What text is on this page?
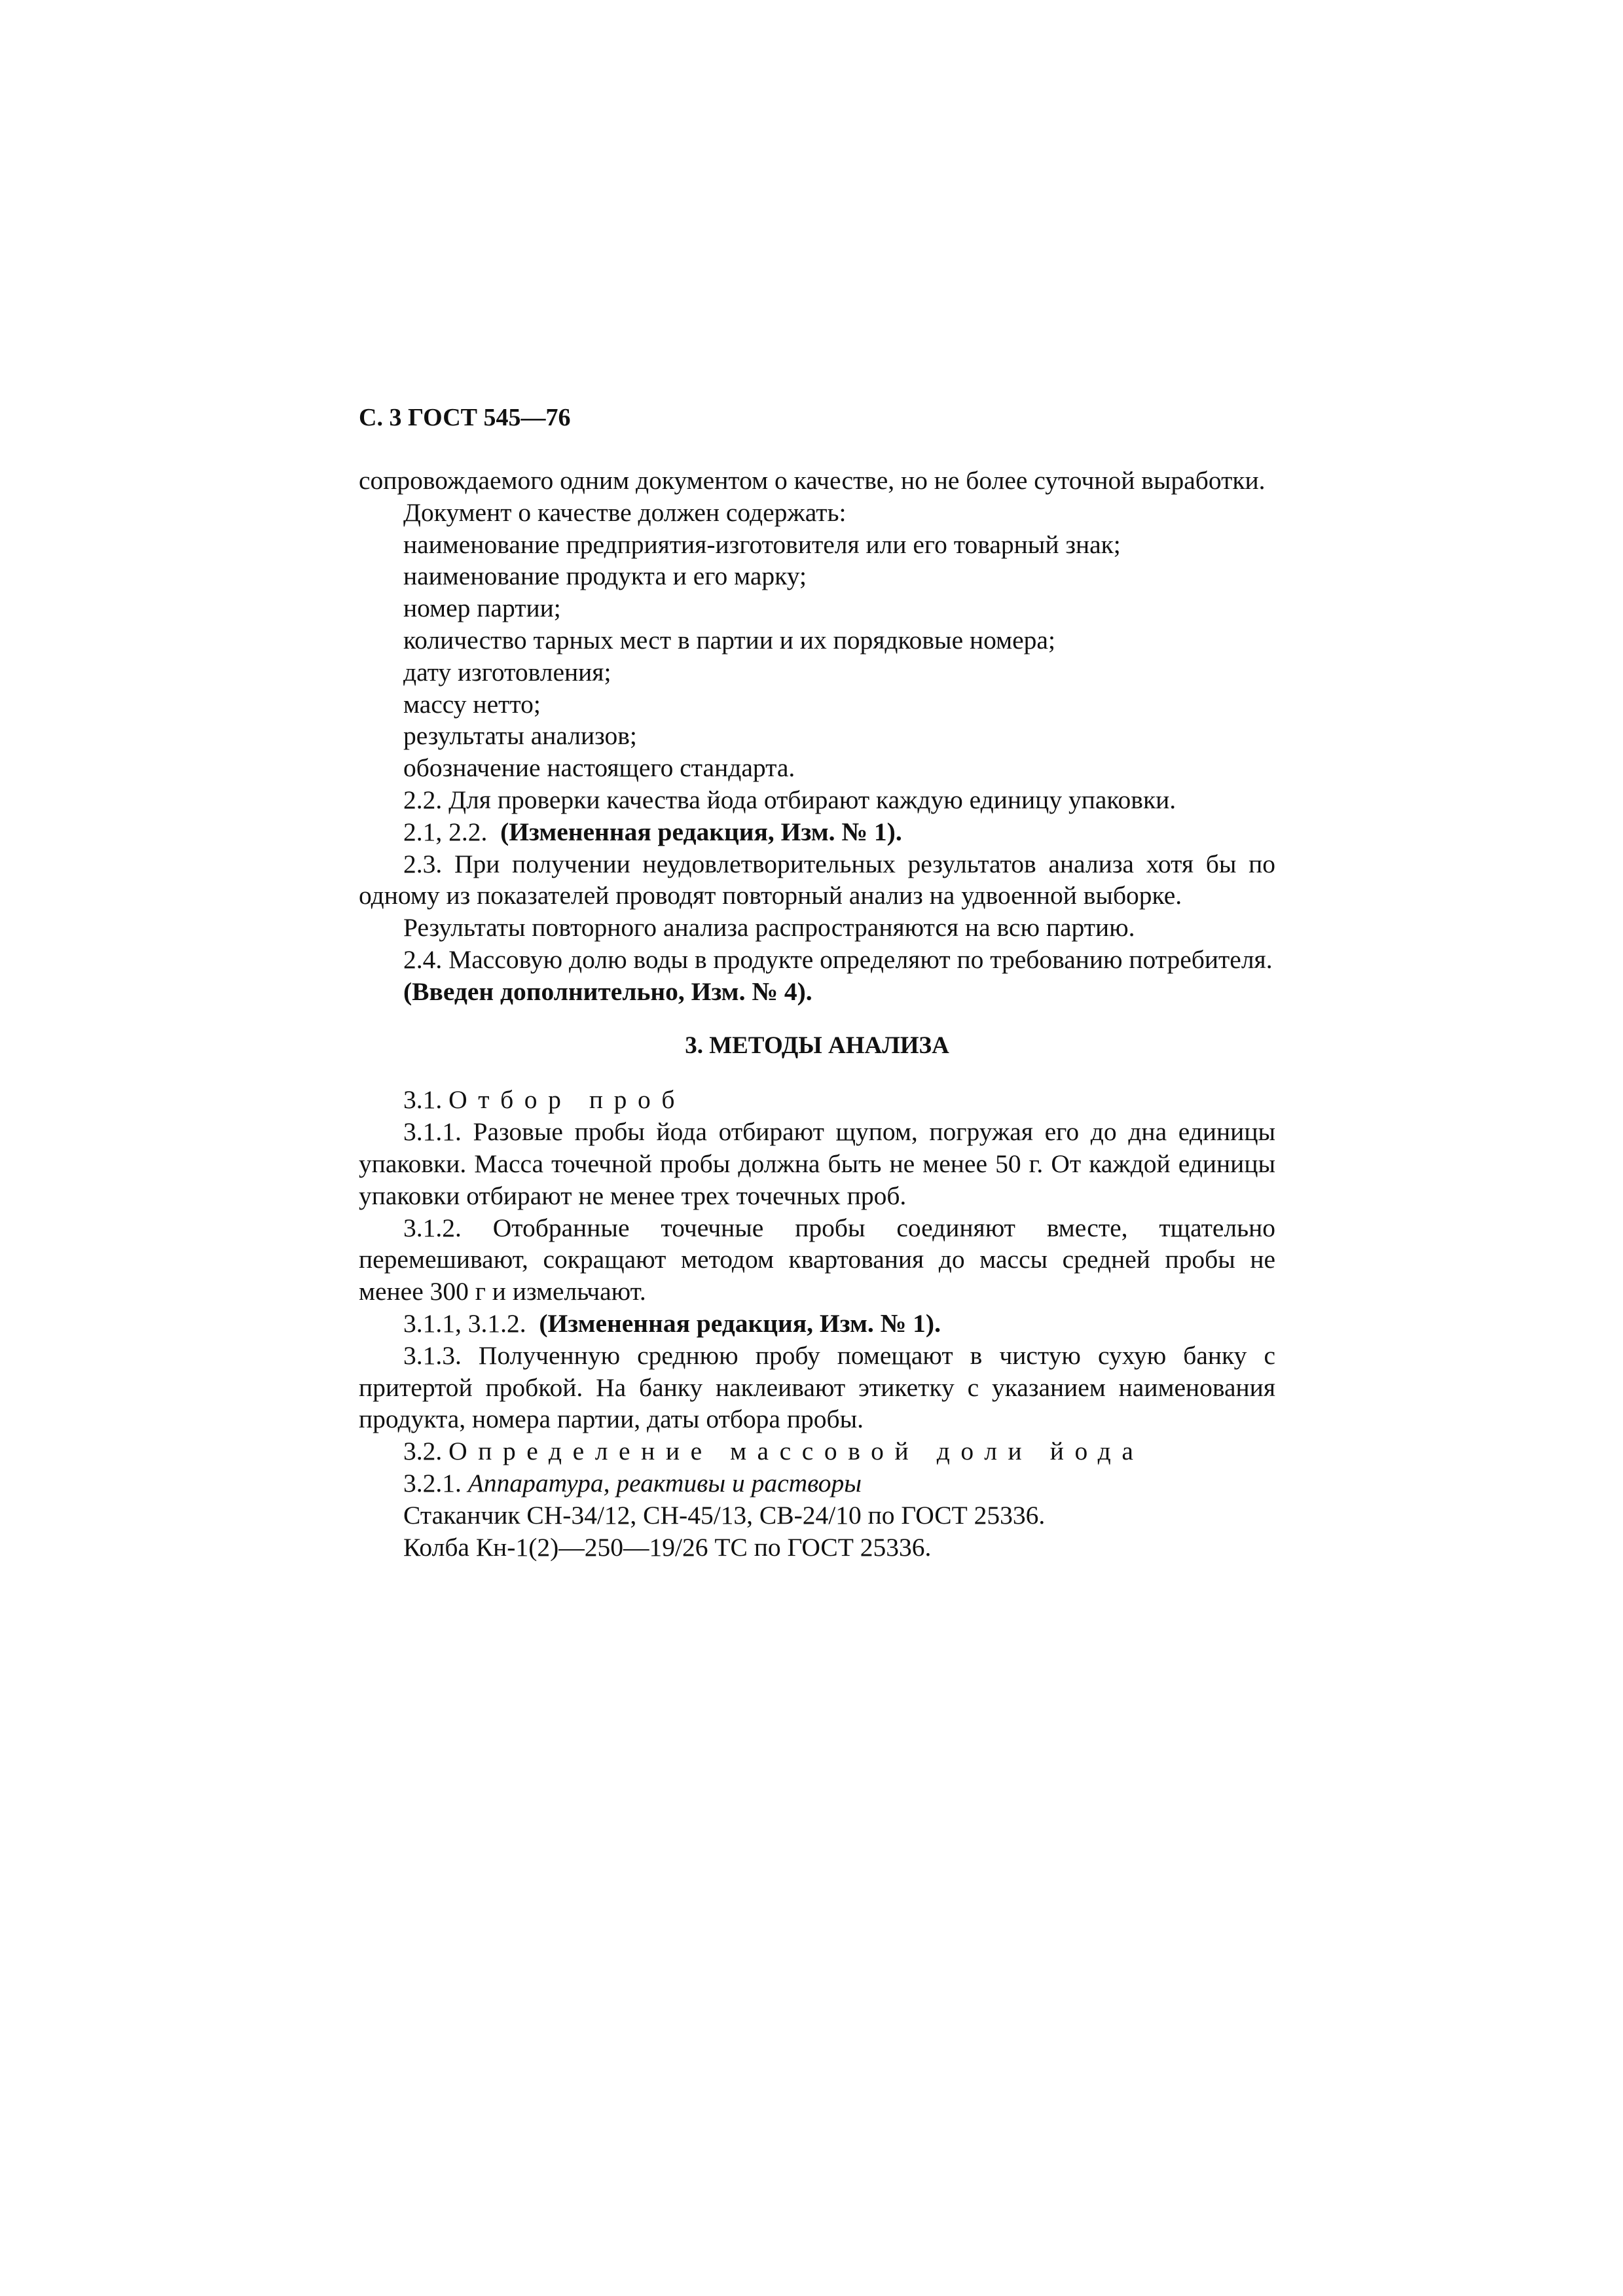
С. 3 ГОСТ 545—76

сопровождаемого одним документом о качестве, но не более суточной выработки.

Документ о качестве должен содержать:

наименование предприятия-изготовителя или его товарный знак;

наименование продукта и его марку;

номер партии;

количество тарных мест в партии и их порядковые номера;

дату изготовления;

массу нетто;

результаты анализов;

обозначение настоящего стандарта.

2.2. Для проверки качества йода отбирают каждую единицу упаковки.

2.1, 2.2. (Измененная редакция, Изм. № 1).

2.3. При получении неудовлетворительных результатов анализа хотя бы по одному из показателей проводят повторный анализ на удвоенной выборке.

Результаты повторного анализа распространяются на всю партию.

2.4. Массовую долю воды в продукте определяют по требованию потребителя.

(Введен дополнительно, Изм. № 4).

3. МЕТОДЫ АНАЛИЗА

3.1. Отбор проб

3.1.1. Разовые пробы йода отбирают щупом, погружая его до дна единицы упаковки. Масса точечной пробы должна быть не менее 50 г. От каждой единицы упаковки отбирают не менее трех точечных проб.

3.1.2. Отобранные точечные пробы соединяют вместе, тщательно перемешивают, сокращают методом квартования до массы средней пробы не менее 300 г и измельчают.

3.1.1, 3.1.2. (Измененная редакция, Изм. № 1).

3.1.3. Полученную среднюю пробу помещают в чистую сухую банку с притертой пробкой. На банку наклеивают этикетку с указанием наименования продукта, номера партии, даты отбора пробы.

3.2. Определение массовой доли йода

3.2.1. Аппаратура, реактивы и растворы

Стаканчик СН-34/12, СН-45/13, СВ-24/10 по ГОСТ 25336.

Колба Кн-1(2)—250—19/26 ТС по ГОСТ 25336.
